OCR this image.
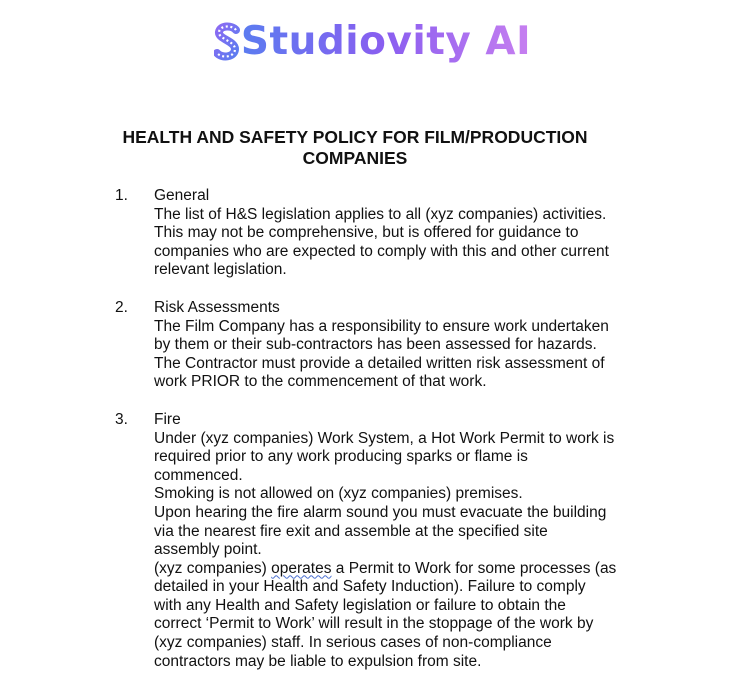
Studiovity AI
HEALTH AND SAFETY POLICY FOR FILM/PRODUCTION
COMPANIES
1. General
The list of H&S legislation applies to all (xyz companies) activities.
This may not be comprehensive, but is offered for guidance to
companies who are expected to comply with this and other current
relevant legislation.
2. Risk Assessments
The Film Company has a responsibility to ensure work undertaken
by them or their sub-contractors has been assessed for hazards.
The Contractor must provide a detailed written risk assessment of
work PRIOR to the commencement of that work.
3. Fire
Under (xyz companies) Work System, a Hot Work Permit to work is
required prior to any work producing sparks or flame is
commenced.
Smoking is not allowed on (xyz companies) premises.
Upon hearing the fire alarm sound you must evacuate the building
via the nearest fire exit and assemble at the specified site
assembly point.
(xyz companies) operates a Permit to Work for some processes (as
detailed in your Health and Safety Induction). Failure to comply
with any Health and Safety legislation or failure to obtain the
correct ‘Permit to Work’ will result in the stoppage of the work by
(xyz companies) staff. In serious cases of non-compliance
contractors may be liable to expulsion from site.
